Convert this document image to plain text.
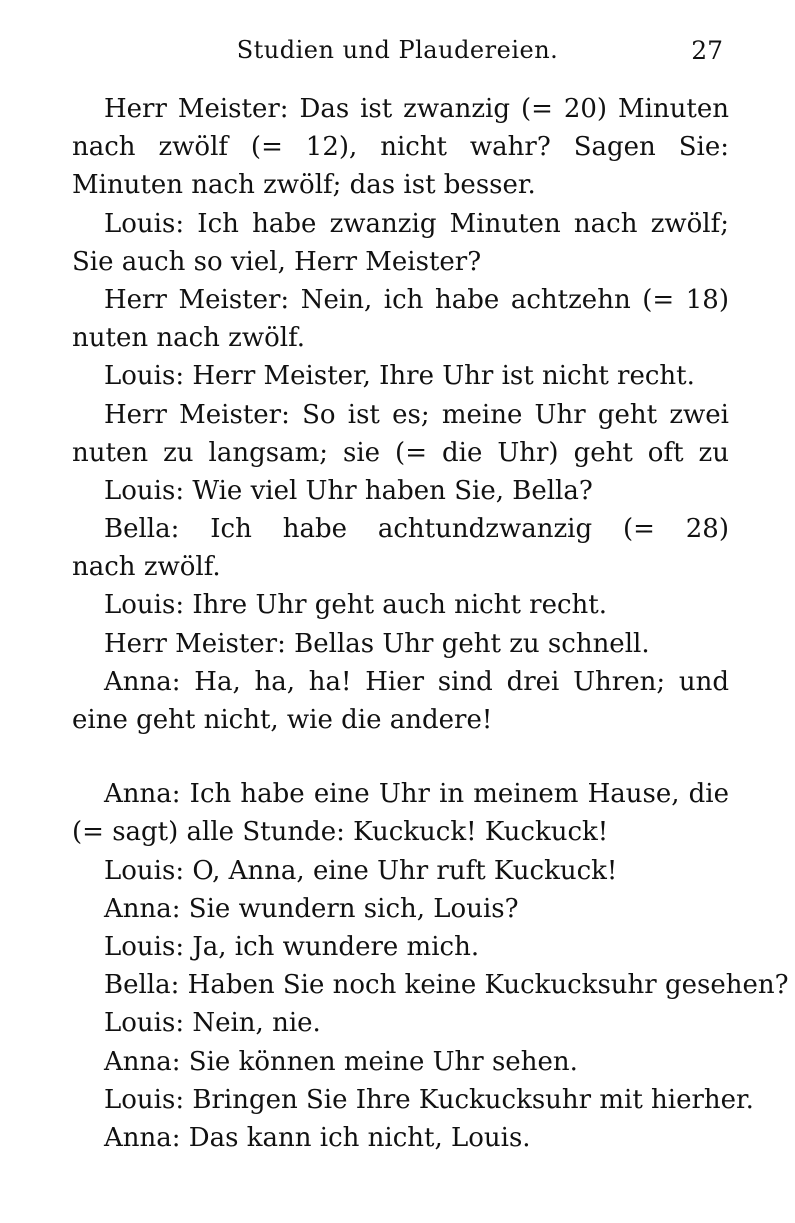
Studien und Plaudereien.	27
Herr Meister: Das ist zwanzig (= 20) Minuten
nach zwölf (= 12), nicht wahr? Sagen Sie:
Minuten nach zwölf; das ist besser.
Louis: Ich habe zwanzig Minuten nach zwölf;
Sie auch so viel, Herr Meister?
Herr Meister: Nein, ich habe achtzehn (= 18)
nuten nach zwölf.
Louis: Herr Meister, Ihre Uhr ist nicht recht.
Herr Meister: So ist es; meine Uhr geht zwei
nuten zu langsam; sie (= die Uhr) geht oft zu
Louis: Wie viel Uhr haben Sie, Bella?
Bella: Ich habe achtundzwanzig (= 28)
nach zwölf.
Louis: Ihre Uhr geht auch nicht recht.
Herr Meister: Bellas Uhr geht zu schnell.
Anna: Ha, ha, ha! Hier sind drei Uhren; und
eine geht nicht, wie die andere!
Anna: Ich habe eine Uhr in meinem Hause, die
(= sagt) alle Stunde: Kuckuck! Kuckuck!
Louis: O, Anna, eine Uhr ruft Kuckuck!
Anna: Sie wundern sich, Louis?
Louis: Ja, ich wundere mich.
Bella: Haben Sie noch keine Kuckucksuhr gesehen?
Louis: Nein, nie.
Anna: Sie können meine Uhr sehen.
Louis: Bringen Sie Ihre Kuckucksuhr mit hierher.
Anna: Das kann ich nicht, Louis.
